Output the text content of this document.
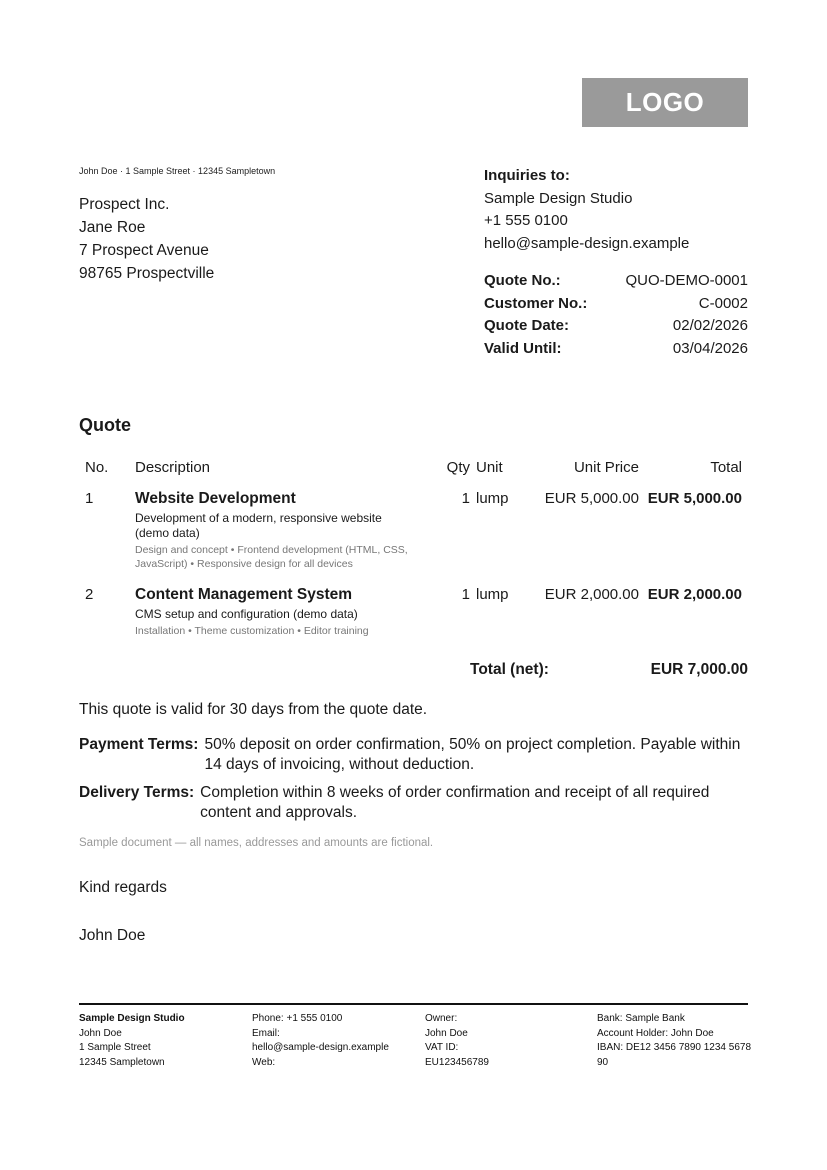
LOGO
John Doe · 1 Sample Street · 12345 Sampletown
Prospect Inc.
Jane Roe
7 Prospect Avenue
98765 Prospectville
Inquiries to:
Sample Design Studio
+1 555 0100
hello@sample-design.example
Quote No.:	QUO-DEMO-0001
Customer No.:	C-0002
Quote Date:	02/02/2026
Valid Until:	03/04/2026
Quote
No.	Description	Qty	Unit	Unit Price	Total
1	Website Development
Development of a modern, responsive website (demo data)
Design and concept • Frontend development (HTML, CSS, JavaScript) • Responsive design for all devices	1	lump	EUR 5,000.00	EUR 5,000.00
2	Content Management System
CMS setup and configuration (demo data)
Installation • Theme customization • Editor training	1	lump	EUR 2,000.00	EUR 2,000.00
Total (net):	EUR 7,000.00
This quote is valid for 30 days from the quote date.
Payment Terms: 50% deposit on order confirmation, 50% on project completion. Payable within 14 days of invoicing, without deduction.
Delivery Terms: Completion within 8 weeks of order confirmation and receipt of all required content and approvals.
Sample document — all names, addresses and amounts are fictional.
Kind regards
John Doe
Sample Design Studio
John Doe
1 Sample Street
12345 Sampletown
Phone: +1 555 0100
Email:
hello@sample-design.example
Web:
Owner:
John Doe
VAT ID:
EU123456789
Bank: Sample Bank
Account Holder: John Doe
IBAN: DE12 3456 7890 1234 5678 90
